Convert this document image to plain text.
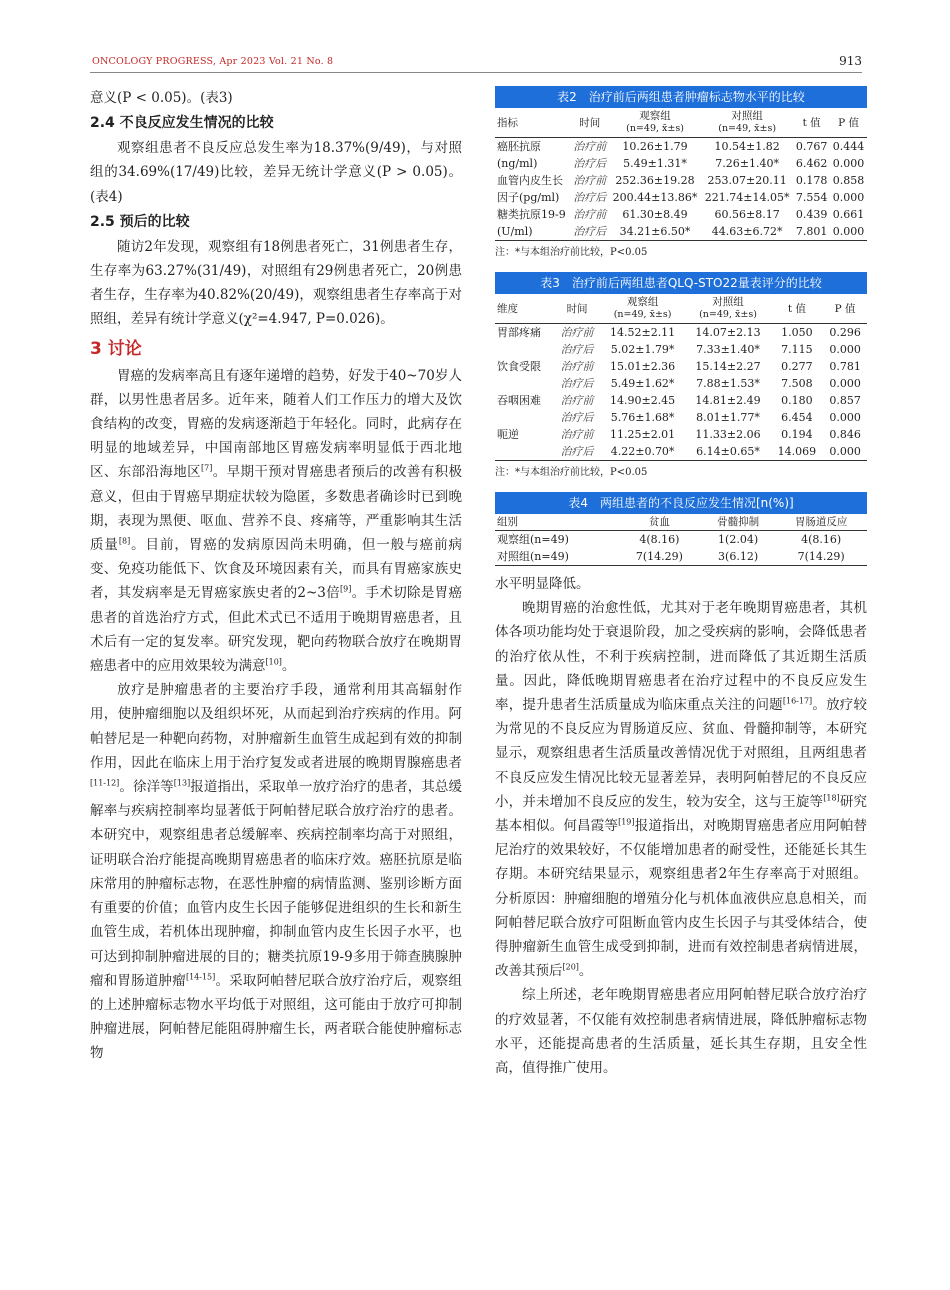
ONCOLOGY PROGRESS, Apr 2023 Vol. 21 No. 8	913

意义(P < 0.05)。(表3)

2.4 不良反应发生情况的比较

观察组患者不良反应总发生率为18.37%(9/49)，与对照组的34.69%(17/49)比较，差异无统计学意义(P > 0.05)。(表4)

2.5 预后的比较

随访2年发现，观察组有18例患者死亡，31例患者生存，生存率为63.27%(31/49)，对照组有29例患者死亡，20例患者生存，生存率为40.82%(20/49)，观察组患者生存率高于对照组，差异有统计学意义(χ²=4.947, P=0.026)。

3 讨论

胃癌的发病率高且有逐年递增的趋势，好发于40~70岁人群，以男性患者居多。近年来，随着人们工作压力的增大及饮食结构的改变，胃癌的发病逐渐趋于年轻化。同时，此病存在明显的地域差异，中国南部地区胃癌发病率明显低于西北地区、东部沿海地区[7]。早期干预对胃癌患者预后的改善有积极意义，但由于胃癌早期症状较为隐匿，多数患者确诊时已到晚期，表现为黑便、呕血、营养不良、疼痛等，严重影响其生活质量[8]。目前，胃癌的发病原因尚未明确，但一般与癌前病变、免疫功能低下、饮食及环境因素有关，而具有胃癌家族史者，其发病率是无胃癌家族史者的2~3倍[9]。手术切除是胃癌患者的首选治疗方式，但此术式已不适用于晚期胃癌患者，且术后有一定的复发率。研究发现，靶向药物联合放疗在晚期胃癌患者中的应用效果较为满意[10]。

放疗是肿瘤患者的主要治疗手段，通常利用其高辐射作用，使肿瘤细胞以及组织坏死，从而起到治疗疾病的作用。阿帕替尼是一种靶向药物，对肿瘤新生血管生成起到有效的抑制作用，因此在临床上用于治疗复发或者进展的晚期胃腺癌患者[11-12]。徐洋等[13]报道指出，采取单一放疗治疗的患者，其总缓解率与疾病控制率均显著低于阿帕替尼联合放疗治疗的患者。本研究中，观察组患者总缓解率、疾病控制率均高于对照组，证明联合治疗能提高晚期胃癌患者的临床疗效。癌胚抗原是临床常用的肿瘤标志物，在恶性肿瘤的病情监测、鉴别诊断方面有重要的价值；血管内皮生长因子能够促进组织的生长和新生血管生成，若机体出现肿瘤，抑制血管内皮生长因子水平，也可达到抑制肿瘤进展的目的；糖类抗原19-9多用于筛查胰腺肿瘤和胃肠道肿瘤[14-15]。采取阿帕替尼联合放疗治疗后，观察组的上述肿瘤标志物水平均低于对照组，这可能由于放疗可抑制肿瘤进展，阿帕替尼能阻碍肿瘤生长，两者联合能使肿瘤标志物

表2　治疗前后两组患者肿瘤标志物水平的比较
指标	时间	观察组
(n=49, x̄±s)	对照组
(n=49, x̄±s)	t 值	P 值
癌胚抗原	治疗前	10.26±1.79	10.54±1.82	0.767	0.444
(ng/ml)	治疗后	5.49±1.31*	7.26±1.40*	6.462	0.000
血管内皮生长	治疗前	252.36±19.28	253.07±20.11	0.178	0.858
因子(pg/ml)	治疗后	200.44±13.86*	221.74±14.05*	7.554	0.000
糖类抗原19-9	治疗前	61.30±8.49	60.56±8.17	0.439	0.661
(U/ml)	治疗后	34.21±6.50*	44.63±6.72*	7.801	0.000
注：*与本组治疗前比较，P<0.05
表3　治疗前后两组患者QLQ-STO22量表评分的比较
维度	时间	观察组
(n=49, x̄±s)	对照组
(n=49, x̄±s)	t 值	P 值
胃部疼痛	治疗前	14.52±2.11	14.07±2.13	1.050	0.296
	治疗后	5.02±1.79*	7.33±1.40*	7.115	0.000
饮食受限	治疗前	15.01±2.36	15.14±2.27	0.277	0.781
	治疗后	5.49±1.62*	7.88±1.53*	7.508	0.000
吞咽困难	治疗前	14.90±2.45	14.81±2.49	0.180	0.857
	治疗后	5.76±1.68*	8.01±1.77*	6.454	0.000
呃逆	治疗前	11.25±2.01	11.33±2.06	0.194	0.846
	治疗后	4.22±0.70*	6.14±0.65*	14.069	0.000
注：*与本组治疗前比较，P<0.05
表4　两组患者的不良反应发生情况[n(%)]
组别	贫血	骨髓抑制	胃肠道反应
观察组(n=49)	4(8.16)	1(2.04)	4(8.16)
对照组(n=49)	7(14.29)	3(6.12)	7(14.29)

水平明显降低。

晚期胃癌的治愈性低，尤其对于老年晚期胃癌患者，其机体各项功能均处于衰退阶段，加之受疾病的影响，会降低患者的治疗依从性，不利于疾病控制，进而降低了其近期生活质量。因此，降低晚期胃癌患者在治疗过程中的不良反应发生率，提升患者生活质量成为临床重点关注的问题[16-17]。放疗较为常见的不良反应为胃肠道反应、贫血、骨髓抑制等，本研究显示，观察组患者生活质量改善情况优于对照组，且两组患者不良反应发生情况比较无显著差异，表明阿帕替尼的不良反应小，并未增加不良反应的发生，较为安全，这与王旋等[18]研究基本相似。何昌霞等[19]报道指出，对晚期胃癌患者应用阿帕替尼治疗的效果较好，不仅能增加患者的耐受性，还能延长其生存期。本研究结果显示，观察组患者2年生存率高于对照组。分析原因：肿瘤细胞的增殖分化与机体血液供应息息相关，而阿帕替尼联合放疗可阻断血管内皮生长因子与其受体结合，使得肿瘤新生血管生成受到抑制，进而有效控制患者病情进展，改善其预后[20]。

综上所述，老年晚期胃癌患者应用阿帕替尼联合放疗治疗的疗效显著，不仅能有效控制患者病情进展，降低肿瘤标志物水平，还能提高患者的生活质量，延长其生存期，且安全性高，值得推广使用。
